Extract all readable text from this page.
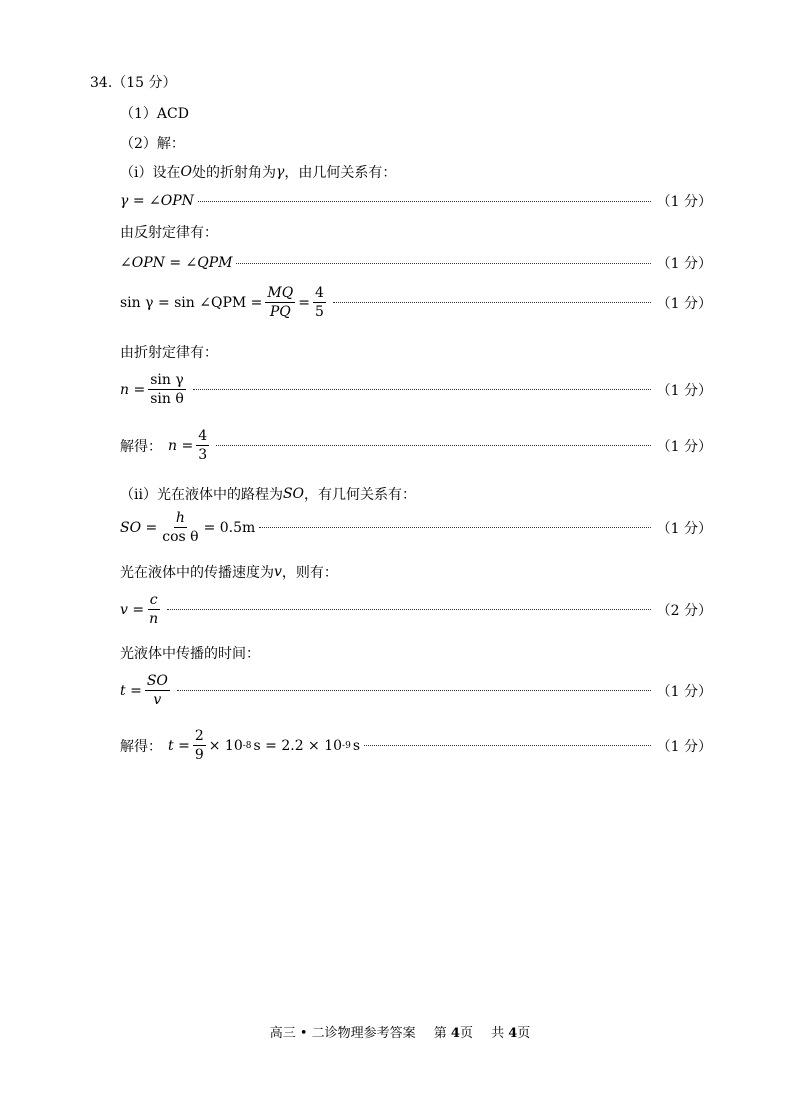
34.（15 分）
（1）ACD
（2）解：
（i）设在 O 处的折射角为 γ ，由几何关系有：
γ = ∠OPN	（1 分）
由反射定律有：
∠OPN = ∠QPM	（1 分）
sin γ = sin ∠QPM = $\frac{MQ}{PQ} = \frac{4}{5}$	（1 分）
由折射定律有：
$n = \frac{\text{sin γ}}{\text{sin θ}}$	（1 分）
解得： $n = \frac{4}{3}$	（1 分）
（ii）光在液体中的路程为 SO ，有几何关系有：
SO = $\frac{h}{\text{cos θ}} = 0.5m$	（1 分）
光在液体中的传播速度为 v ，则有：
$v = \frac{c}{n}$	（2 分）
光液体中传播的时间：
$t = \frac{SO}{v}$	（1 分）
解得： $t = \frac{2}{9} \times 10$ -8 s = 2.2 × 10 -9 s	（1 分）
高三 • 二诊物理参考答案 第 4页 共 4页
